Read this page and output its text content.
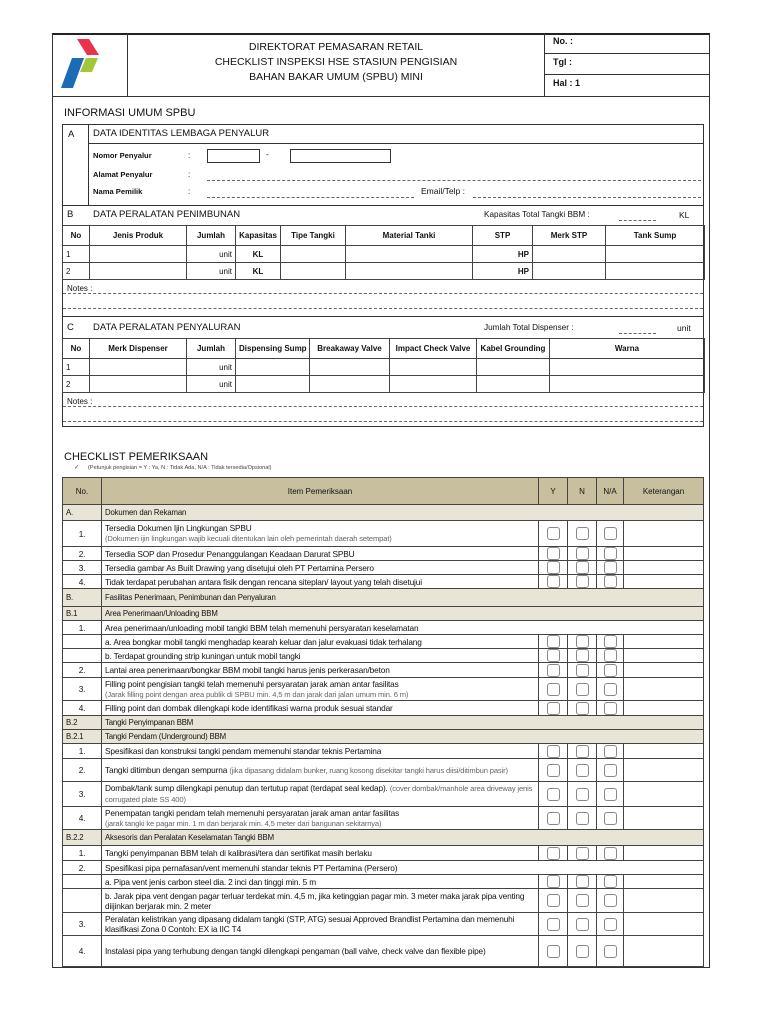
DIREKTORAT PEMASARAN RETAIL
CHECKLIST INSPEKSI HSE STASIUN PENGISIAN
BAHAN BAKAR UMUM (SPBU) MINI
No. :
Tgl :
Hal : 1
INFORMASI UMUM SPBU
A	DATA IDENTITAS LEMBAGA PENYALUR
Nomor Penyalur	:	-
Alamat Penyalur	:
Nama Pemilik	:	Email/Telp :
B DATA PERALATAN PENIMBUNAN	Kapasitas Total Tangki BBM :	KL
No	Jenis Produk	Jumlah	Kapasitas	Tipe Tangki	Material Tanki	STP	Merk STP	Tank Sump
1		unit	KL			HP		
2		unit	KL			HP		
Notes :
C DATA PERALATAN PENYALURAN	Jumlah Total Dispenser :	unit
No	Merk Dispenser	Jumlah	Dispensing Sump	Breakaway Valve	Impact Check Valve	Kabel Grounding	Warna
1		unit					
2		unit					
Notes :
CHECKLIST PEMERIKSAAN
✓ (Petunjuk pengisian = Y : Ya, N : Tidak Ada, N/A : Tidak tersedia/Opsional)
No.	Item Pemeriksaan	Y	N	N/A	Keterangan
A.	Dokumen dan Rekaman				
1.	Tersedia Dokumen Ijin Lingkungan SPBU
(Dokumen ijin lingkungan wajib kecuali ditentukan lain oleh pemerintah daerah setempat)				
2.	Tersedia SOP dan Prosedur Penanggulangan Keadaan Darurat SPBU				
3.	Tersedia gambar As Built Drawing yang disetujui oleh PT Pertamina Persero				
4.	Tidak terdapat perubahan antara fisik dengan rencana siteplan/ layout yang telah disetujui				
B.	Fasilitas Penerimaan, Penimbunan dan Penyaluran				
B.1	Area Penerimaan/Unloading BBM				
1.	Area penerimaan/unloading mobil tangki BBM telah memenuhi persyaratan keselamatan				
	a. Area bongkar mobil tangki menghadap kearah keluar dan jalur evakuasi tidak terhalang				
	b. Terdapat grounding strip kuningan untuk mobil tangki				
2.	Lantai area penerimaan/bongkar BBM mobil tangki harus jenis perkerasan/beton				
3.	Filling point pengisian tangki telah memenuhi persyaratan jarak aman antar fasilitas
(Jarak filling point dengan area publik di SPBU min. 4,5 m dan jarak dari jalan umum min. 6 m)				
4.	Filling point dan dombak dilengkapi kode identifikasi warna produk sesuai standar				
B.2	Tangki Penyimpanan BBM				
B.2.1	Tangki Pendam (Underground) BBM				
1.	Spesifikasi dan konstruksi tangki pendam memenuhi standar teknis Pertamina				
2.	Tangki ditimbun dengan sempurna (jika dipasang didalam bunker, ruang kosong disekitar tangki harus diisi/ditimbun pasir)				
3.	Dombak/tank sump dilengkapi penutup dan tertutup rapat (terdapat seal kedap). (cover dombak/manhole area driveway jenis corrugated plate SS 400)				
4.	Penempatan tangki pendam telah memenuhi persyaratan jarak aman antar fasilitas
(jarak tangki ke pagar min. 1 m dan berjarak min. 4,5 meter dari bangunan sekitarnya)				
B.2.2	Aksesoris dan Peralatan Keselamatan Tangki BBM				
1.	Tangki penyimpanan BBM telah di kalibrasi/tera dan sertifikat masih berlaku				
2.	Spesifikasi pipa pernafasan/vent memenuhi standar teknis PT Pertamina (Persero)				
	a. Pipa vent jenis carbon steel dia. 2 inci dan tinggi min. 5 m				
	b. Jarak pipa vent dengan pagar terluar terdekat min. 4,5 m, jika ketinggian pagar min. 3 meter maka jarak pipa venting diijinkan berjarak min. 2 meter				
3.	Peralatan kelistrikan yang dipasang didalam tangki (STP, ATG) sesuai Approved Brandlist Pertamina dan memenuhi klasifikasi Zona 0 Contoh: EX ia IIC T4				
4.	Instalasi pipa yang terhubung dengan tangki dilengkapi pengaman (ball valve, check valve dan flexible pipe)				
